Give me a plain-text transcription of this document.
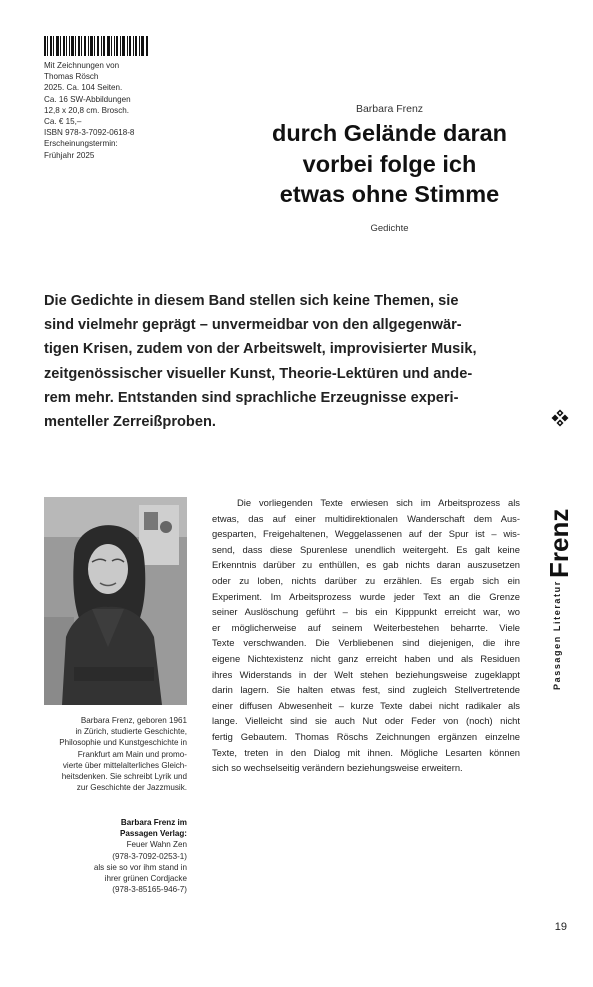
Mit Zeichnungen von
Thomas Rösch
2025. Ca. 104 Seiten.
Ca. 16 SW-Abbildungen
12,8 x 20,8 cm. Brosch.
Ca. € 15,–
ISBN 978-3-7092-0618-8
Erscheinungstermin:
Frühjahr 2025
Barbara Frenz
durch Gelände daran
vorbei folge ich
etwas ohne Stimme
Gedichte
Die Gedichte in diesem Band stellen sich keine Themen, sie
sind vielmehr geprägt – unvermeidbar von den allgegenwär-
tigen Krisen, zudem von der Arbeitswelt, improvisierter Musik,
zeitgenössischer visueller Kunst, Theorie-Lektüren und ande-
rem mehr. Entstanden sind sprachliche Erzeugnisse experi-
menteller Zerreißproben.
Barbara Frenz, geboren 1961
in Zürich, studierte Geschichte,
Philosophie und Kunstgeschichte in
Frankfurt am Main und promo-
vierte über mittelalterliches Gleich-
heitsdenken. Sie schreibt Lyrik und
zur Geschichte der Jazzmusik.
Barbara Frenz im
Passagen Verlag:
Feuer Wahn Zen
(978-3-7092-0253-1)
als sie so vor ihm stand in
ihrer grünen Cordjacke
(978-3-85165-946-7)
Die vorliegenden Texte erwiesen sich im Arbeitsprozess als
etwas, das auf einer multidirektionalen Wanderschaft dem Aus-
gesparten, Freigehaltenen, Weggelassenen auf der Spur ist – wis-
send, dass diese Spurenlese unendlich weitergeht. Es galt keine
Erkenntnis darüber zu enthüllen, es gab nichts daran auszusetzen
oder zu loben, nichts darüber zu erzählen. Es ergab sich ein
Experiment. Im Arbeitsprozess wurde jeder Text an die Grenze
seiner Auslöschung geführt – bis ein Kipppunkt erreicht war, wo
er möglicherweise auf seinem Weiterbestehen beharrte. Viele
Texte verschwanden. Die Verbliebenen sind diejenigen, die ihre
eigene Nichtexistenz nicht ganz erreicht haben und als Residuen
ihres Widerstands in der Welt stehen beziehungsweise zugeklappt
darin lagern. Sie halten etwas fest, sind zugleich Stellvertretende
einer diffusen Abwesenheit – kurze Texte dabei nicht radikaler als
lange. Vielleicht sind sie auch Nut oder Feder von (noch) nicht
fertig Gebautem. Thomas Röschs Zeichnungen ergänzen einzelne
Texte, treten in den Dialog mit ihnen. Mögliche Lesarten können
sich so wechselseitig verändern beziehungsweise erweitern.
Frenz
Passagen Literatur
19
